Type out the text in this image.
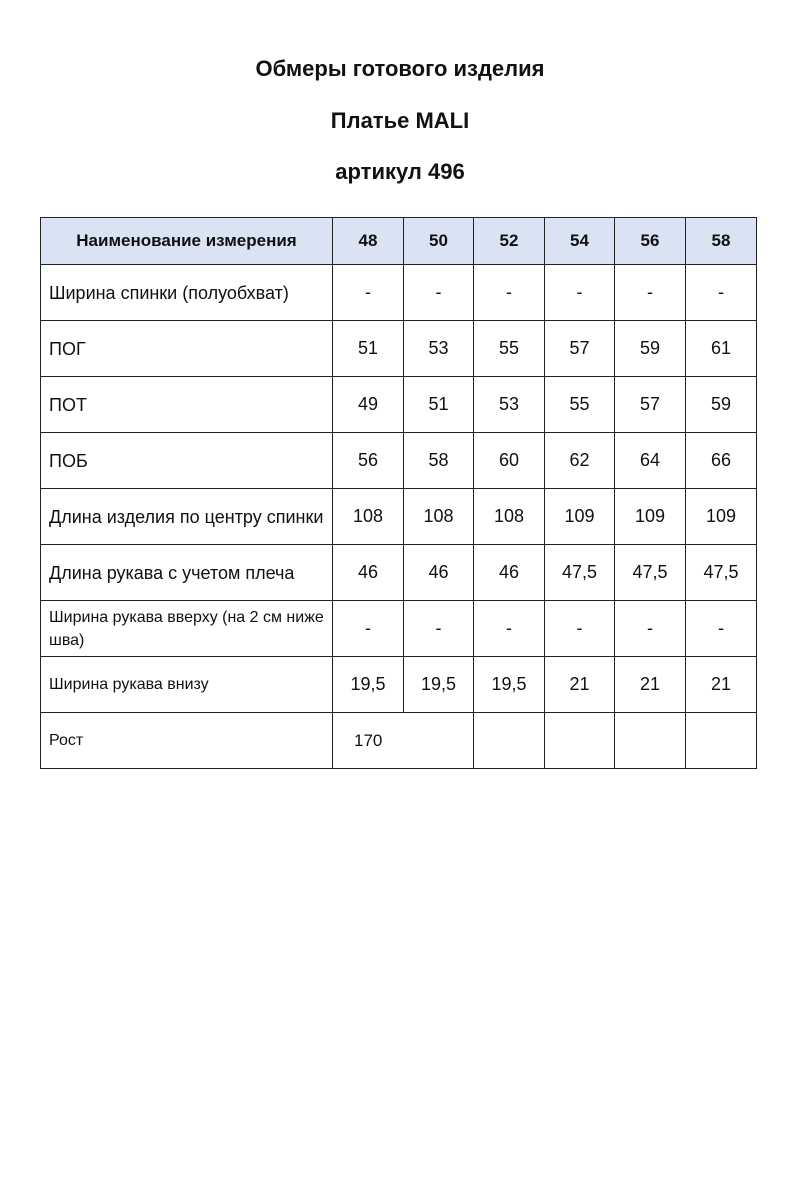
Обмеры готового изделия
Платье MALI
артикул 496
Наименование измерения	48	50	52	54	56	58
Ширина спинки (полуобхват)	-	-	-	-	-	-
ПОГ	51	53	55	57	59	61
ПОТ	49	51	53	55	57	59
ПОБ	56	58	60	62	64	66
Длина изделия по центру спинки	108	108	108	109	109	109
Длина рукава с учетом плеча	46	46	46	47,5	47,5	47,5
Ширина рукава вверху (на 2 см ниже шва)	-	-	-	-	-	-
Ширина рукава внизу	19,5	19,5	19,5	21	21	21
Рост	170					
